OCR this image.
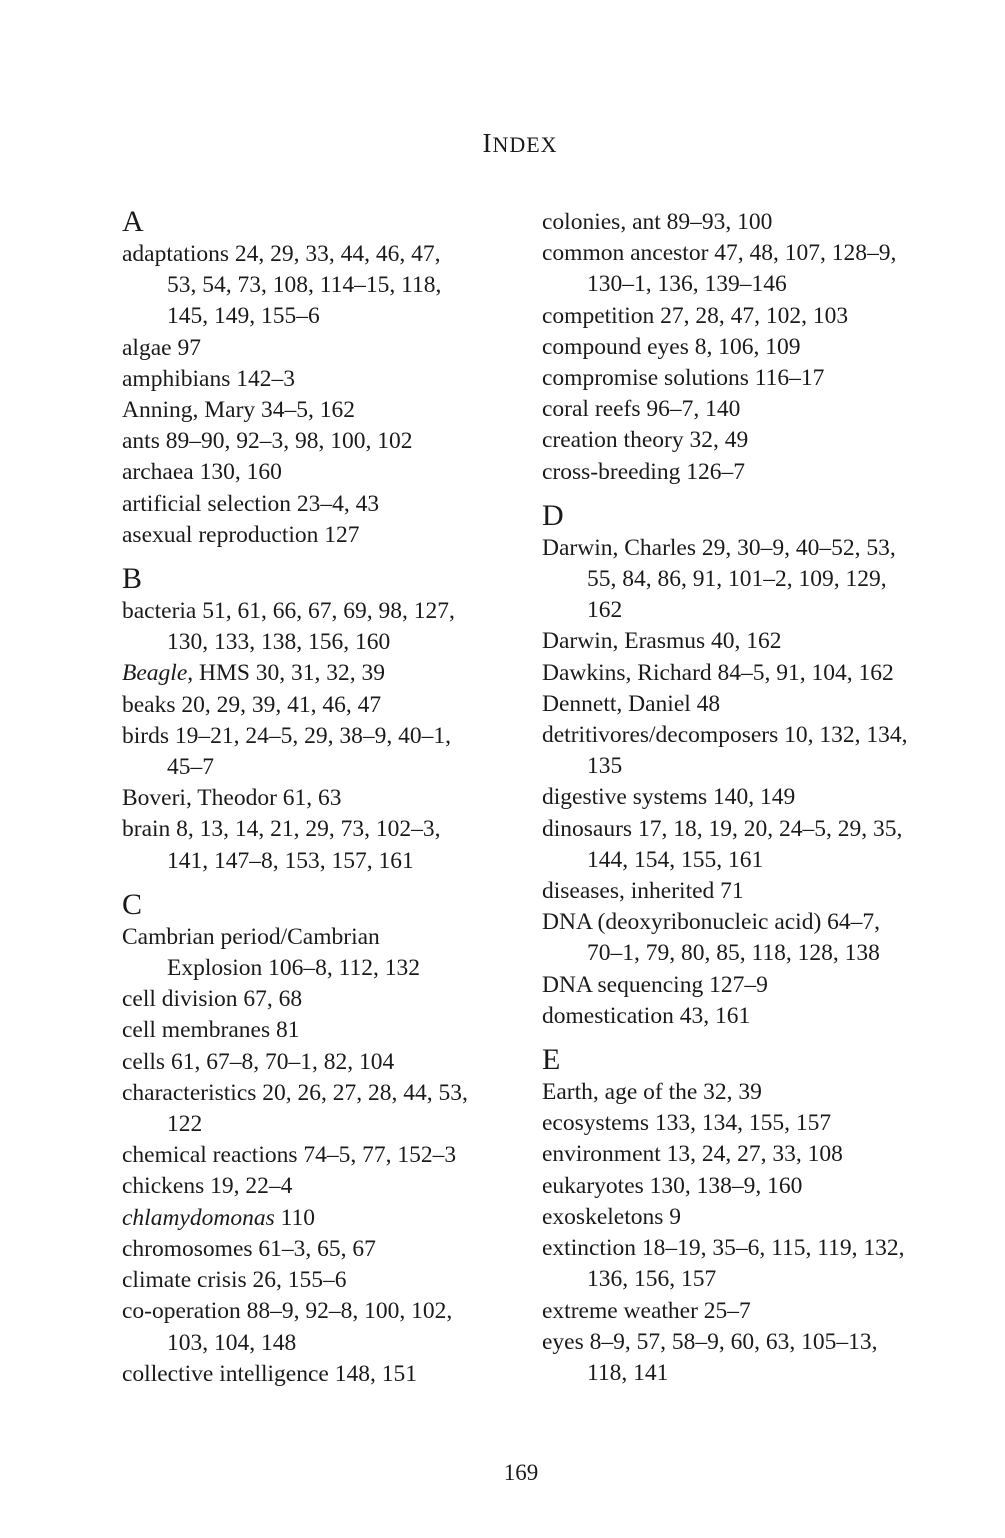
INDEX
A
adaptations 24, 29, 33, 44, 46, 47,
53, 54, 73, 108, 114–15, 118,
145, 149, 155–6
algae 97
amphibians 142–3
Anning, Mary 34–5, 162
ants 89–90, 92–3, 98, 100, 102
archaea 130, 160
artificial selection 23–4, 43
asexual reproduction 127
B
bacteria 51, 61, 66, 67, 69, 98, 127,
130, 133, 138, 156, 160
Beagle, HMS 30, 31, 32, 39
beaks 20, 29, 39, 41, 46, 47
birds 19–21, 24–5, 29, 38–9, 40–1,
45–7
Boveri, Theodor 61, 63
brain 8, 13, 14, 21, 29, 73, 102–3,
141, 147–8, 153, 157, 161
C
Cambrian period/Cambrian
Explosion 106–8, 112, 132
cell division 67, 68
cell membranes 81
cells 61, 67–8, 70–1, 82, 104
characteristics 20, 26, 27, 28, 44, 53,
122
chemical reactions 74–5, 77, 152–3
chickens 19, 22–4
chlamydomonas 110
chromosomes 61–3, 65, 67
climate crisis 26, 155–6
co-operation 88–9, 92–8, 100, 102,
103, 104, 148
collective intelligence 148, 151
colonies, ant 89–93, 100
common ancestor 47, 48, 107, 128–9,
130–1, 136, 139–146
competition 27, 28, 47, 102, 103
compound eyes 8, 106, 109
compromise solutions 116–17
coral reefs 96–7, 140
creation theory 32, 49
cross-breeding 126–7
D
Darwin, Charles 29, 30–9, 40–52, 53,
55, 84, 86, 91, 101–2, 109, 129,
162
Darwin, Erasmus 40, 162
Dawkins, Richard 84–5, 91, 104, 162
Dennett, Daniel 48
detritivores/decomposers 10, 132, 134,
135
digestive systems 140, 149
dinosaurs 17, 18, 19, 20, 24–5, 29, 35,
144, 154, 155, 161
diseases, inherited 71
DNA (deoxyribonucleic acid) 64–7,
70–1, 79, 80, 85, 118, 128, 138
DNA sequencing 127–9
domestication 43, 161
E
Earth, age of the 32, 39
ecosystems 133, 134, 155, 157
environment 13, 24, 27, 33, 108
eukaryotes 130, 138–9, 160
exoskeletons 9
extinction 18–19, 35–6, 115, 119, 132,
136, 156, 157
extreme weather 25–7
eyes 8–9, 57, 58–9, 60, 63, 105–13,
118, 141
169
